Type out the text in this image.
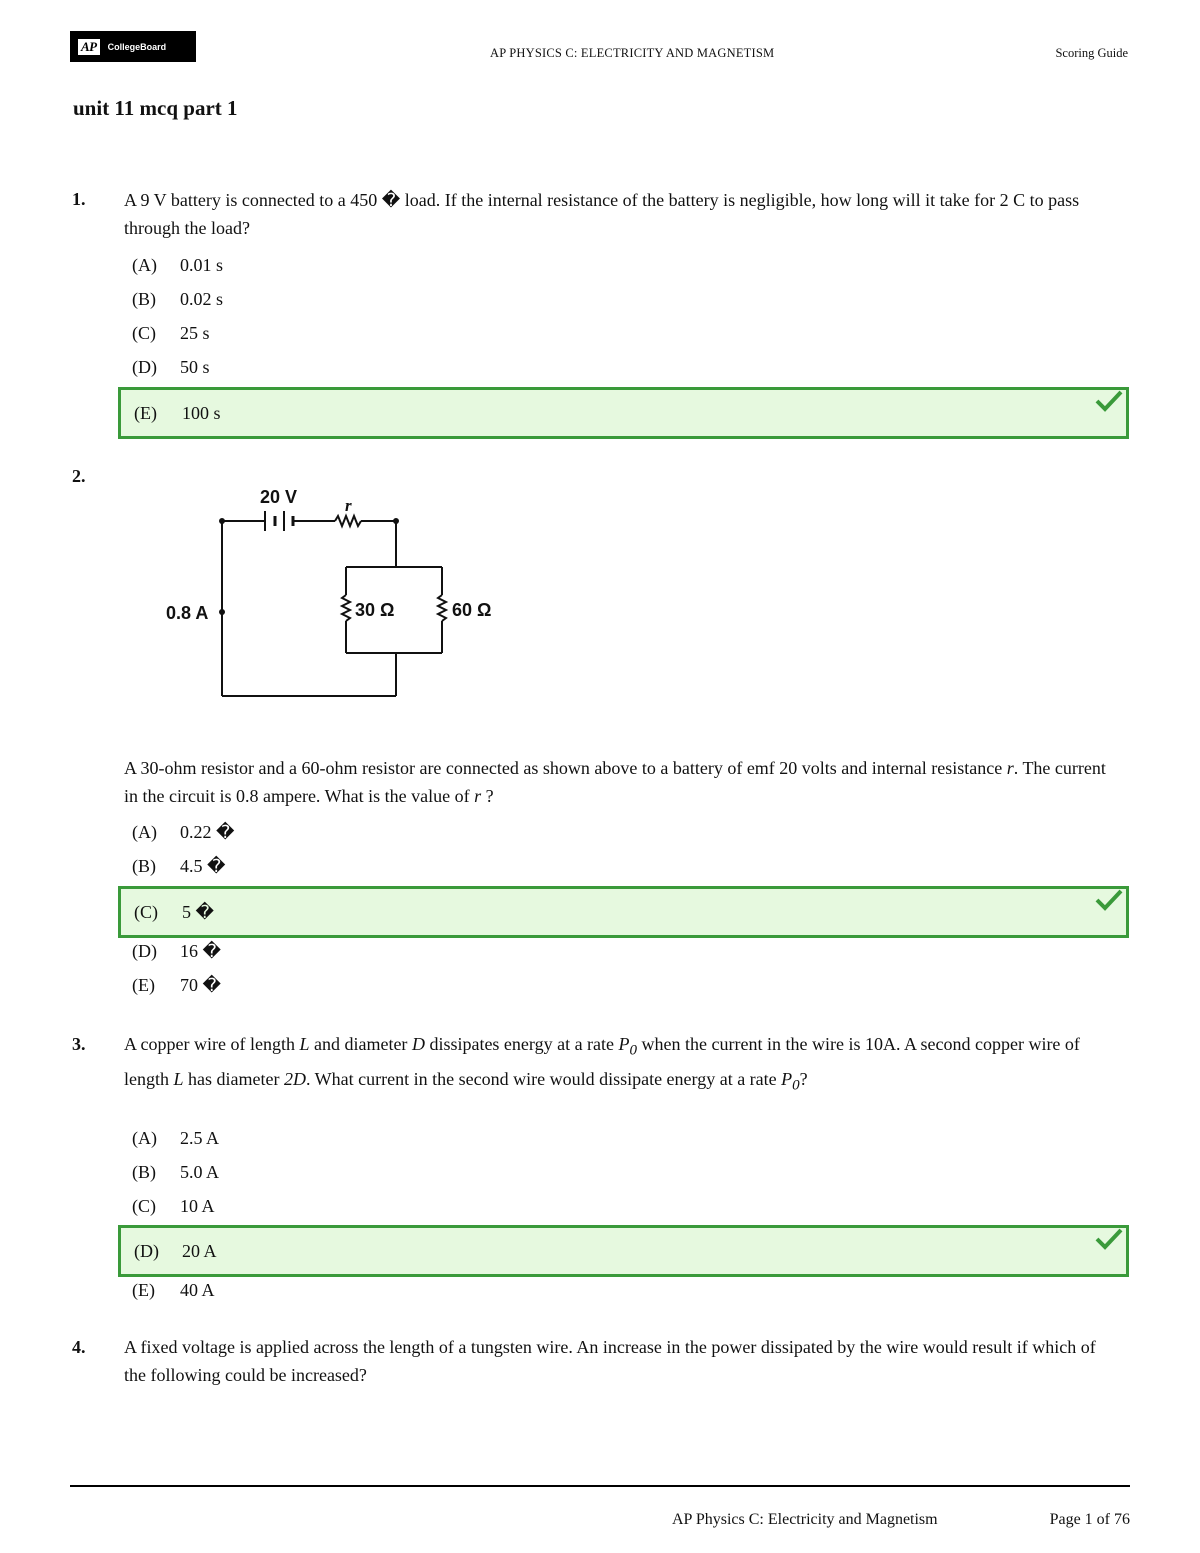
AP	CollegeBoard	AP PHYSICS C: ELECTRICITY AND MAGNETISM	Scoring Guide
unit 11 mcq part 1
1. A 9 V battery is connected to a 450 � load. If the internal resistance of the battery is negligible, how long will it take for 2 C to pass through the load?
(A) 0.01 s
(B) 0.02 s
(C) 25 s
(D) 50 s
(E) 100 s
2.
20 V	r
0.8 A	30 Ω	60 Ω
A 30-ohm resistor and a 60-ohm resistor are connected as shown above to a battery of emf 20 volts and internal resistance r. The current in the circuit is 0.8 ampere. What is the value of r ?
(A) 0.22 �
(B) 4.5 �
(C) 5 �
(D) 16 �
(E) 70 �
3. A copper wire of length L and diameter D dissipates energy at a rate $P_0$ when the current in the wire is 10A. A second copper wire of length L has diameter 2D. What current in the second wire would dissipate energy at a rate $P_0$?
(A) 2.5 A
(B) 5.0 A
(C) 10 A
(D) 20 A
(E) 40 A
4. A fixed voltage is applied across the length of a tungsten wire. An increase in the power dissipated by the wire would result if which of the following could be increased?
AP Physics C: Electricity and Magnetism	Page 1 of 76
